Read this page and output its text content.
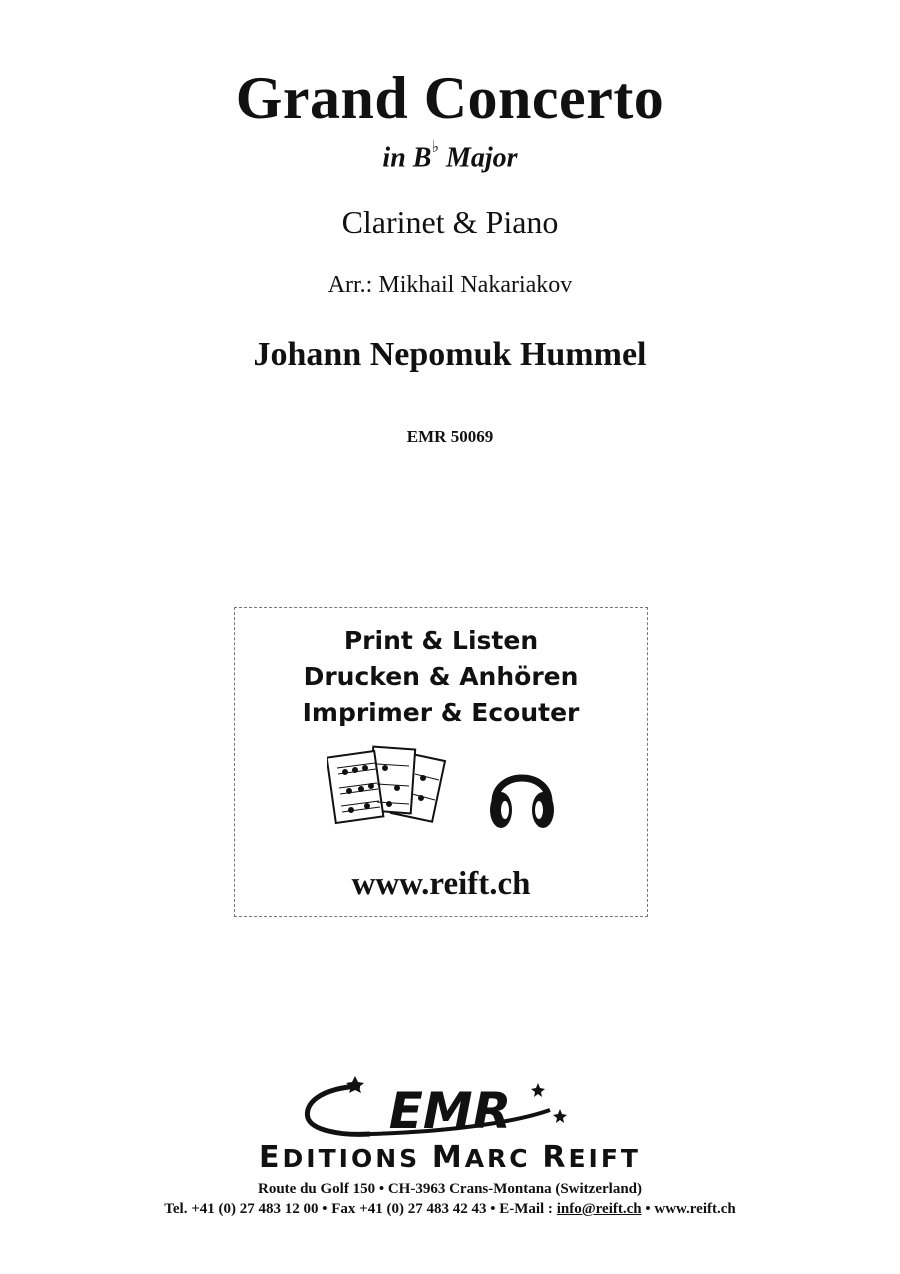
Grand Concerto
in B♭ Major
Clarinet & Piano
Arr.: Mikhail Nakariakov
Johann Nepomuk Hummel
EMR 50069
Print & Listen
Drucken & Anhören
Imprimer & Ecouter
www.reift.ch
EMR
EDITIONS MARC REIFT
Route du Golf 150 • CH-3963 Crans-Montana (Switzerland)
Tel. +41 (0) 27 483 12 00 • Fax +41 (0) 27 483 42 43 • E-Mail : info@reift.ch • www.reift.ch
